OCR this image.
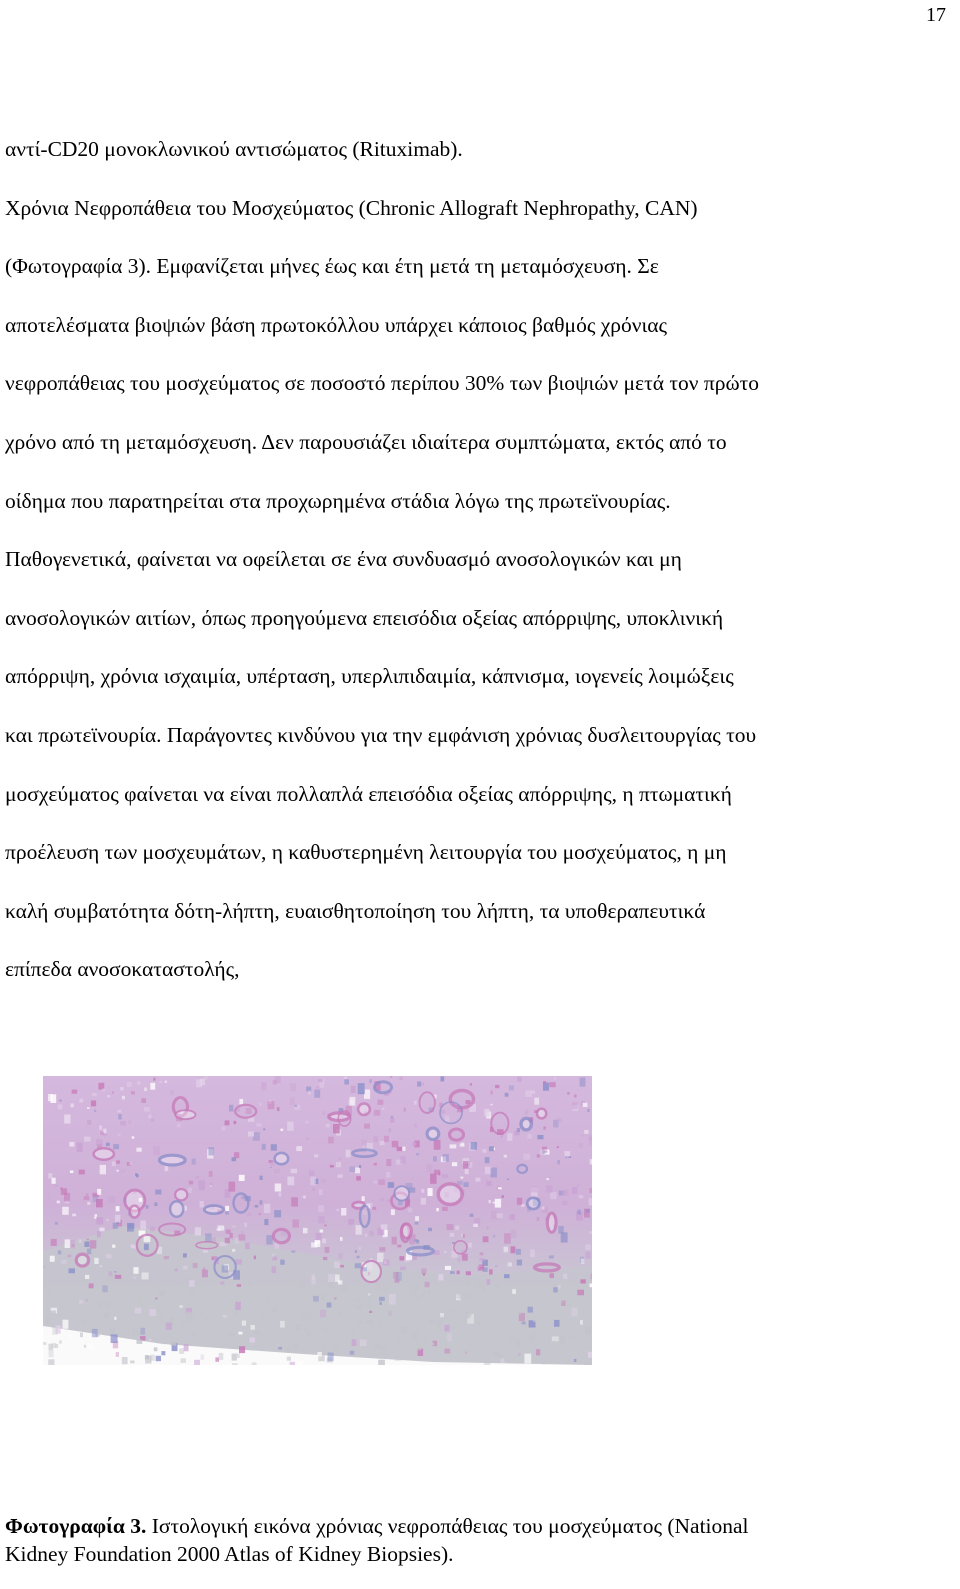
17
αντί-CD20 μονοκλωνικού αντισώματος (Rituximab).
Χρόνια Νεφροπάθεια του Μοσχεύματος (Chronic Allograft Nephropathy, CAN)
(Φωτογραφία 3). Εμφανίζεται μήνες έως και έτη μετά τη μεταμόσχευση. Σε
αποτελέσματα βιοψιών βάση πρωτοκόλλου υπάρχει κάποιος βαθμός χρόνιας
νεφροπάθειας του μοσχεύματος σε ποσοστό περίπου 30% των βιοψιών μετά τον πρώτο
χρόνο από τη μεταμόσχευση. Δεν παρουσιάζει ιδιαίτερα συμπτώματα, εκτός από το
οίδημα που παρατηρείται στα προχωρημένα στάδια λόγω της πρωτεϊνουρίας.
Παθογενετικά, φαίνεται να οφείλεται σε ένα συνδυασμό ανοσολογικών και μη
ανοσολογικών αιτίων, όπως προηγούμενα επεισόδια οξείας απόρριψης, υποκλινική
απόρριψη, χρόνια ισχαιμία, υπέρταση, υπερλιπιδαιμία, κάπνισμα, ιογενείς λοιμώξεις
και πρωτεϊνουρία. Παράγοντες κινδύνου για την εμφάνιση χρόνιας δυσλειτουργίας του
μοσχεύματος φαίνεται να είναι πολλαπλά επεισόδια οξείας απόρριψης, η πτωματική
προέλευση των μοσχευμάτων, η καθυστερημένη λειτουργία του μοσχεύματος, η μη
καλή συμβατότητα δότη-λήπτη, ευαισθητοποίηση του λήπτη, τα υποθεραπευτικά
επίπεδα ανοσοκαταστολής,
Φωτογραφία 3. Ιστολογική εικόνα χρόνιας νεφροπάθειας του μοσχεύματος (National
Kidney Foundation 2000 Atlas of Kidney Biopsies).
